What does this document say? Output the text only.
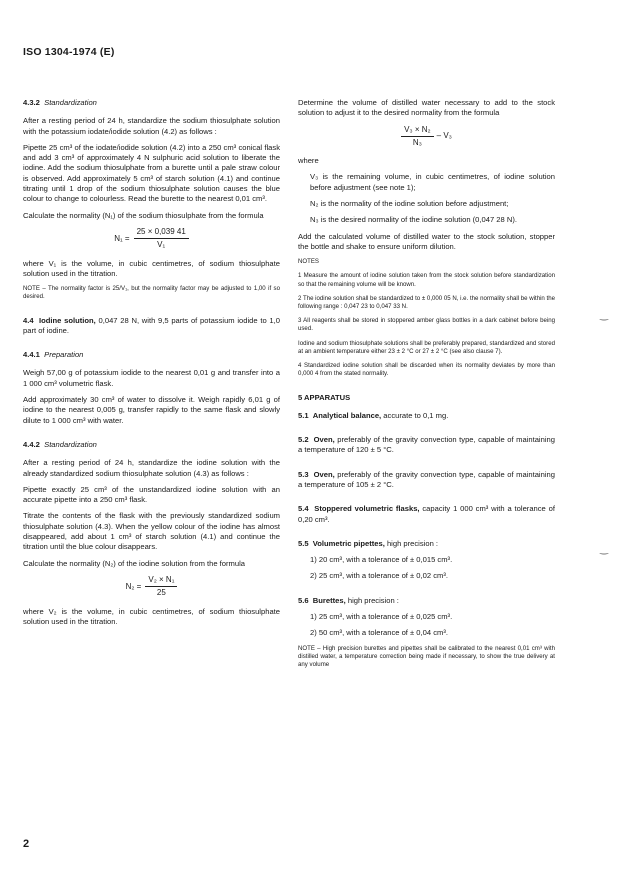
ISO 1304-1974 (E)

4.3.2 Standardization

After a resting period of 24 h, standardize the sodium thiosulphate solution with the potassium iodate/iodide solution (4.2) as follows :

Pipette 25 cm³ of the iodate/iodide solution (4.2) into a 250 cm³ conical flask and add 3 cm³ of approximately 4 N sulphuric acid solution to liberate the iodine. Add the sodium thiosulphate from a burette until a pale straw colour is observed. Add approximately 5 cm³ of starch solution (4.1) and continue titrating until 1 drop of the sodium thiosulphate solution causes the blue colour to change to colourless. Read the burette to the nearest 0,01 cm³.

Calculate the normality (N₁) of the sodium thiosulphate from the formula

$N_1 = \frac{25 \times 0,039 41}{\text{V₁}}$

where V₁ is the volume, in cubic centimetres, of sodium thiosulphate solution used in the titration.

NOTE – The normality factor is 25/V₁, but the normality factor may be adjusted to 1,00 if so desired.

4.4 Iodine solution, 0,047 28 N, with 9,5 parts of potassium iodide to 1,0 part of iodine.

4.4.1 Preparation

Weigh 57,00 g of potassium iodide to the nearest 0,01 g and transfer into a 1 000 cm³ volumetric flask.

Add approximately 30 cm³ of water to dissolve it. Weigh rapidly 6,01 g of iodine to the nearest 0,005 g, transfer rapidly to the same flask and slowly dilute to 1 000 cm³ with water.

4.4.2 Standardization

After a resting period of 24 h, standardize the iodine solution with the already standardized sodium thiosulphate solution (4.3) as follows :

Pipette exactly 25 cm³ of the unstandardized iodine solution with an accurate pipette into a 250 cm³ flask.

Titrate the contents of the flask with the previously standardized sodium thiosulphate solution (4.3). When the yellow colour of the iodine has almost disappeared, add about 1 cm³ of starch solution (4.1) and continue the titration until the blue colour disappears.

Calculate the normality (N₂) of the iodine solution from the formula

$N_2 = \frac{\text{V₂ × N₁}}{25}$

where V₂ is the volume, in cubic centimetres, of sodium thiosulphate solution used in the titration.

Determine the volume of distilled water necessary to add to the stock solution to adjust it to the desired normality from the formula

$\frac{\text{V₃ × N₂}}{\text{N₃}} - V_3$

where

V₃ is the remaining volume, in cubic centimetres, of iodine solution before adjustment (see note 1);

N₂ is the normality of the iodine solution before adjustment;

N₃ is the desired normality of the iodine solution (0,047 28 N).

Add the calculated volume of distilled water to the stock solution, stopper the bottle and shake to ensure uniform dilution.

NOTES

1 Measure the amount of iodine solution taken from the stock solution before standardization so that the remaining volume will be known.

2 The iodine solution shall be standardized to ± 0,000 05 N, i.e. the normality shall be within the following range : 0,047 23 to 0,047 33 N.

3 All reagents shall be stored in stoppered amber glass bottles in a dark cabinet before being used.

Iodine and sodium thiosulphate solutions shall be preferably prepared, standardized and stored at an ambient temperature either 23 ± 2 °C or 27 ± 2 °C (see also clause 7).

4 Standardized iodine solution shall be discarded when its normality deviates by more than 0,000 4 from the stated normality.

5 APPARATUS

5.1 Analytical balance, accurate to 0,1 mg.

5.2 Oven, preferably of the gravity convection type, capable of maintaining a temperature of 120 ± 5 °C.

5.3 Oven, preferably of the gravity convection type, capable of maintaining a temperature of 105 ± 2 °C.

5.4 Stoppered volumetric flasks, capacity 1 000 cm³ with a tolerance of 0,20 cm³.

5.5 Volumetric pipettes, high precision :

1) 20 cm³, with a tolerance of ± 0,015 cm³.

2) 25 cm³, with a tolerance of ± 0,02 cm³.

5.6 Burettes, high precision :

1) 25 cm³, with a tolerance of ± 0,025 cm³.

2) 50 cm³, with a tolerance of ± 0,04 cm³.

NOTE – High precision burettes and pipettes shall be calibrated to the nearest 0,01 cm³ with distilled water, a temperature correction being made if necessary, to show the true delivery at any volume

2
‿
‿
